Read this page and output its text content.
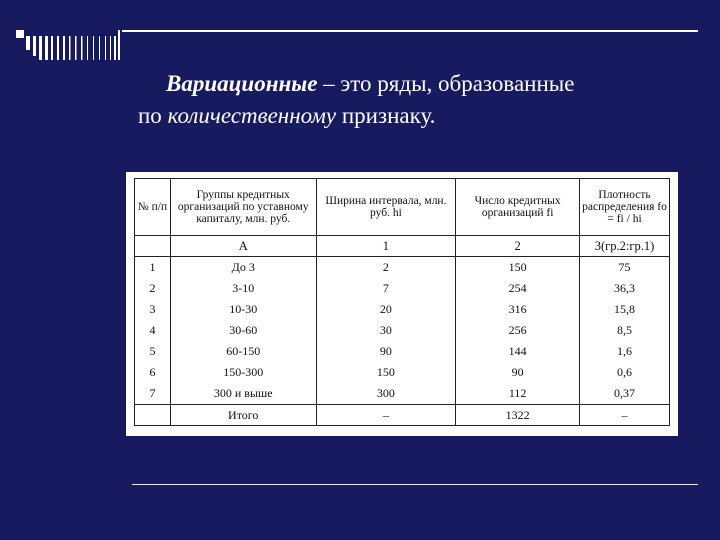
Вариационные – это ряды, образованные
по количественному признаку.
№ п/п	Группы кредитных организаций по уставному капиталу, млн. руб.	Ширина интервала, млн. руб. hi	Число кредитных организаций fi	Плотность распределения fo = fi / hi
	А	1	2	3(гр.2:гр.1)
1	До 3	2	150	75
2	3-10	7	254	36,3
3	10-30	20	316	15,8
4	30-60	30	256	8,5
5	60-150	90	144	1,6
6	150-300	150	90	0,6
7	300 и выше	300	112	0,37
	Итого	–	1322	–
